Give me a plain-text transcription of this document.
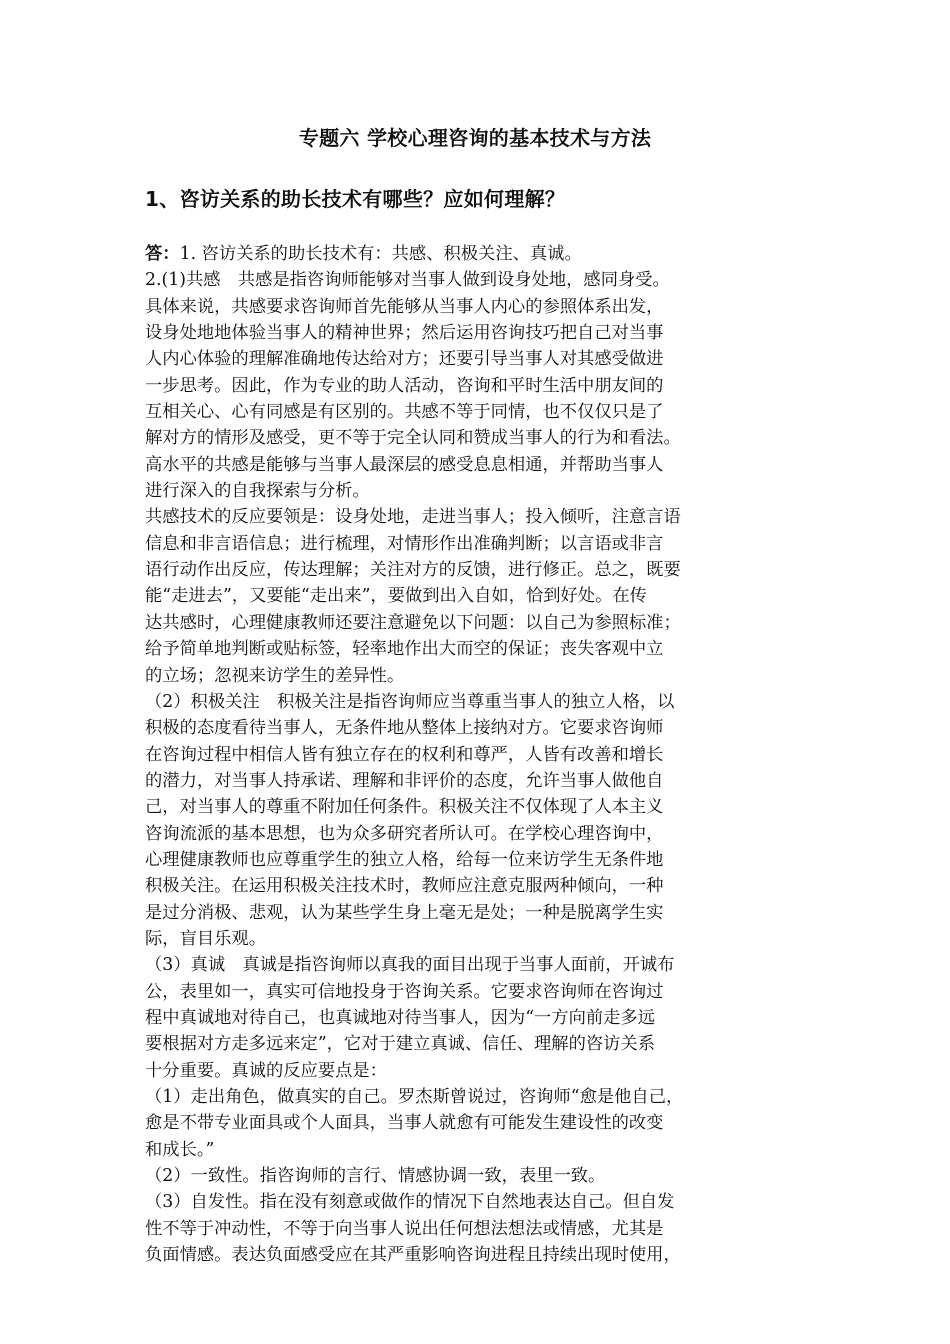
专题六 学校心理咨询的基本技术与方法
1、咨访关系的助长技术有哪些？应如何理解？
答：1. 咨访关系的助长技术有：共感、积极关注、真诚。
2.(1)共感　共感是指咨询师能够对当事人做到设身处地，感同身受。
具体来说，共感要求咨询师首先能够从当事人内心的参照体系出发，
设身处地地体验当事人的精神世界；然后运用咨询技巧把自己对当事
人内心体验的理解准确地传达给对方；还要引导当事人对其感受做进
一步思考。因此，作为专业的助人活动，咨询和平时生活中朋友间的
互相关心、心有同感是有区别的。共感不等于同情，也不仅仅只是了
解对方的情形及感受，更不等于完全认同和赞成当事人的行为和看法。
高水平的共感是能够与当事人最深层的感受息息相通，并帮助当事人
进行深入的自我探索与分析。
共感技术的反应要领是：设身处地，走进当事人；投入倾听，注意言语
信息和非言语信息；进行梳理，对情形作出准确判断；以言语或非言
语行动作出反应，传达理解；关注对方的反馈，进行修正。总之，既要
能“走进去”，又要能“走出来”，要做到出入自如，恰到好处。在传
达共感时，心理健康教师还要注意避免以下问题：以自己为参照标准；
给予简单地判断或贴标签，轻率地作出大而空的保证；丧失客观中立
的立场；忽视来访学生的差异性。
（2）积极关注　积极关注是指咨询师应当尊重当事人的独立人格，以
积极的态度看待当事人，无条件地从整体上接纳对方。它要求咨询师
在咨询过程中相信人皆有独立存在的权利和尊严，人皆有改善和增长
的潜力，对当事人持承诺、理解和非评价的态度，允许当事人做他自
己，对当事人的尊重不附加任何条件。积极关注不仅体现了人本主义
咨询流派的基本思想，也为众多研究者所认可。在学校心理咨询中，
心理健康教师也应尊重学生的独立人格，给每一位来访学生无条件地
积极关注。在运用积极关注技术时，教师应注意克服两种倾向，一种
是过分消极、悲观，认为某些学生身上毫无是处；一种是脱离学生实
际，盲目乐观。
（3）真诚　真诚是指咨询师以真我的面目出现于当事人面前，开诚布
公，表里如一，真实可信地投身于咨询关系。它要求咨询师在咨询过
程中真诚地对待自己，也真诚地对待当事人，因为“一方向前走多远
要根据对方走多远来定”，它对于建立真诚、信任、理解的咨访关系
十分重要。真诚的反应要点是：
（1）走出角色，做真实的自己。罗杰斯曾说过，咨询师“愈是他自己，
愈是不带专业面具或个人面具，当事人就愈有可能发生建设性的改变
和成长。”
（2）一致性。指咨询师的言行、情感协调一致，表里一致。
（3）自发性。指在没有刻意或做作的情况下自然地表达自己。但自发
性不等于冲动性，不等于向当事人说出任何想法想法或情感，尤其是
负面情感。表达负面感受应在其严重影响咨询进程且持续出现时使用，
